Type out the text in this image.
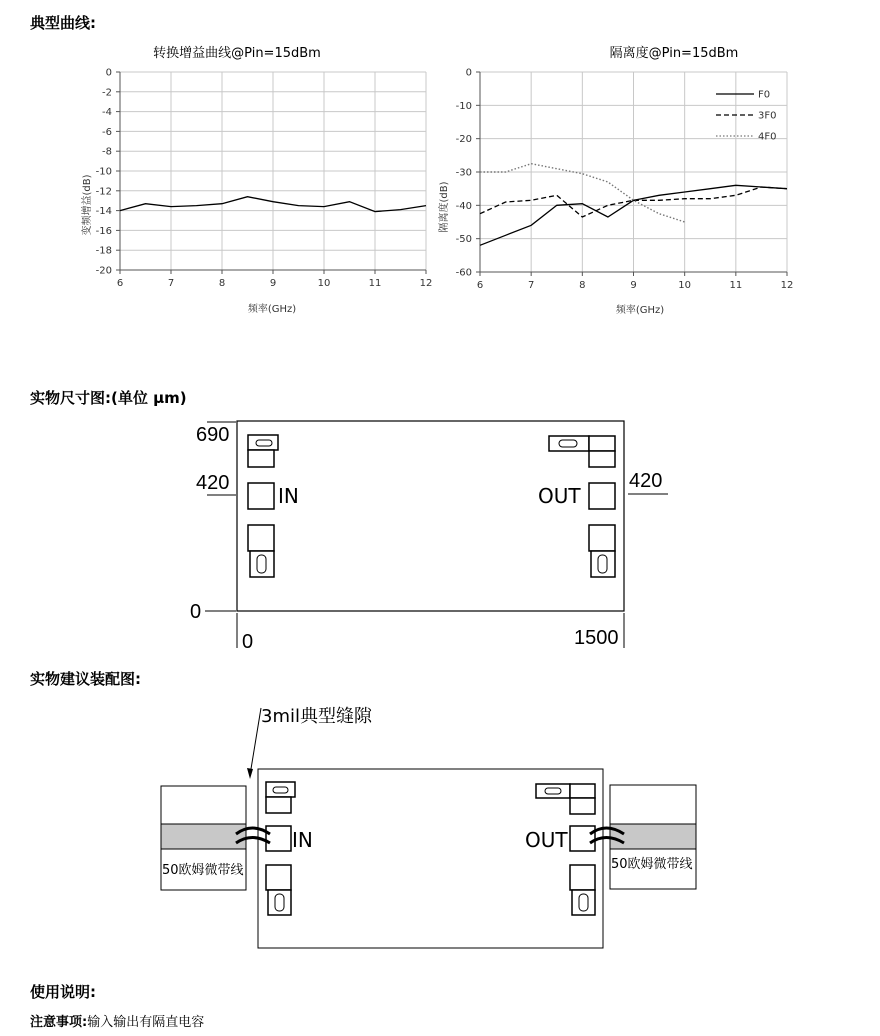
典型曲线:
转换增益曲线@Pin=15dBm
频率(GHz)
变频增益(dB)
0
-2
-4
-6
-8
-10
-12
-14
-16
-18
-20
6	7	8	9	10	11	12
隔离度@Pin=15dBm
频率(GHz)
隔离度(dB)
0
-10
-20
-30
-40
-50
-60
6	7	8	9	10	11	12
F0
3F0
4F0
实物尺寸图:(单位 μm)
690
420	420
0
0	1500
IN	OUT
实物建议装配图:
3mil典型缝隙
50欧姆微带线	50欧姆微带线
IN	OUT
使用说明:
注意事项:输入输出有隔直电容
